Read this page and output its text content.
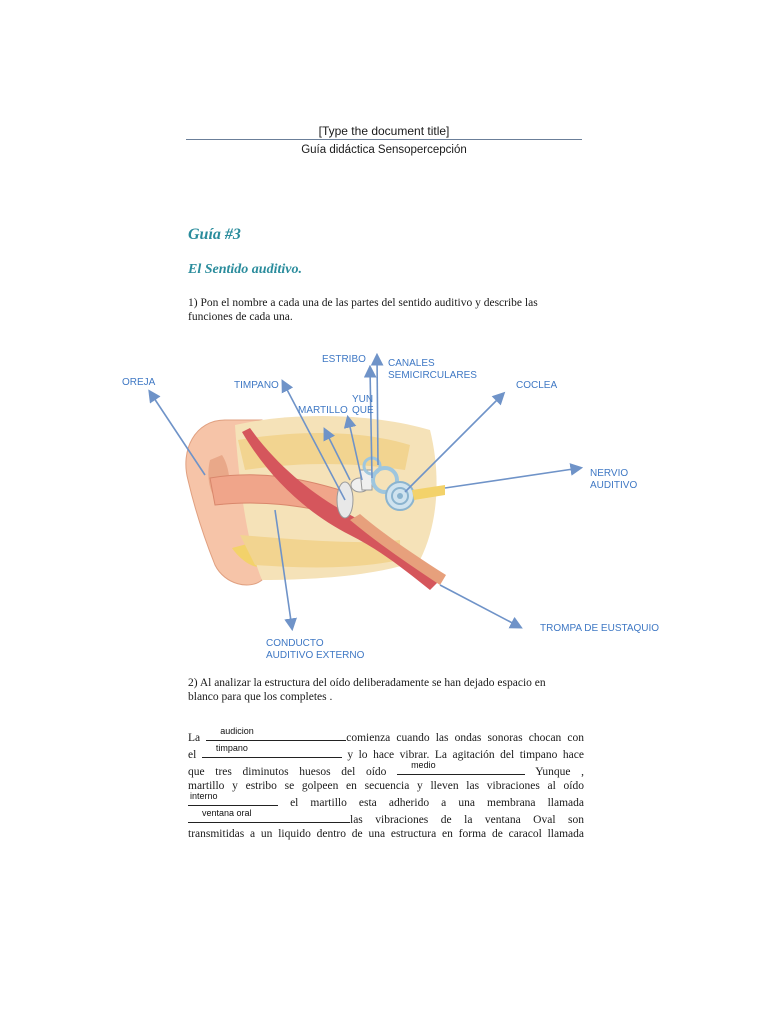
[Type the document title]
Guía didáctica Sensopercepción
Guía #3
El Sentido auditivo.
1) Pon el nombre a cada una de las partes del sentido auditivo y describe las funciones de cada una.
ESTRIBO CANALES
SEMICIRCULARES
OREJA	TIMPANO
YUN
QUE
MARTILLO
COCLEA
NERVIO
AUDITIVO
TROMPA DE EUSTAQUIO
CONDUCTO
AUDITIVO EXTERNO
2) Al analizar la estructura del oído deliberadamente se han dejado espacio en blanco para que los completes .

La
audicion
comienza cuando las ondas sonoras chocan con

el
timpano
y lo hace vibrar. La agitación del timpano hace

que tres diminutos huesos del oído
medio
Yunque ,

martillo y estribo se golpeen en secuencia y lleven las vibraciones al oído

interno
el martillo esta adherido a una membrana llamada

ventana oral
las vibraciones de la ventana Oval son

transmitidas a un liquido dentro de una estructura en forma de caracol llamada
